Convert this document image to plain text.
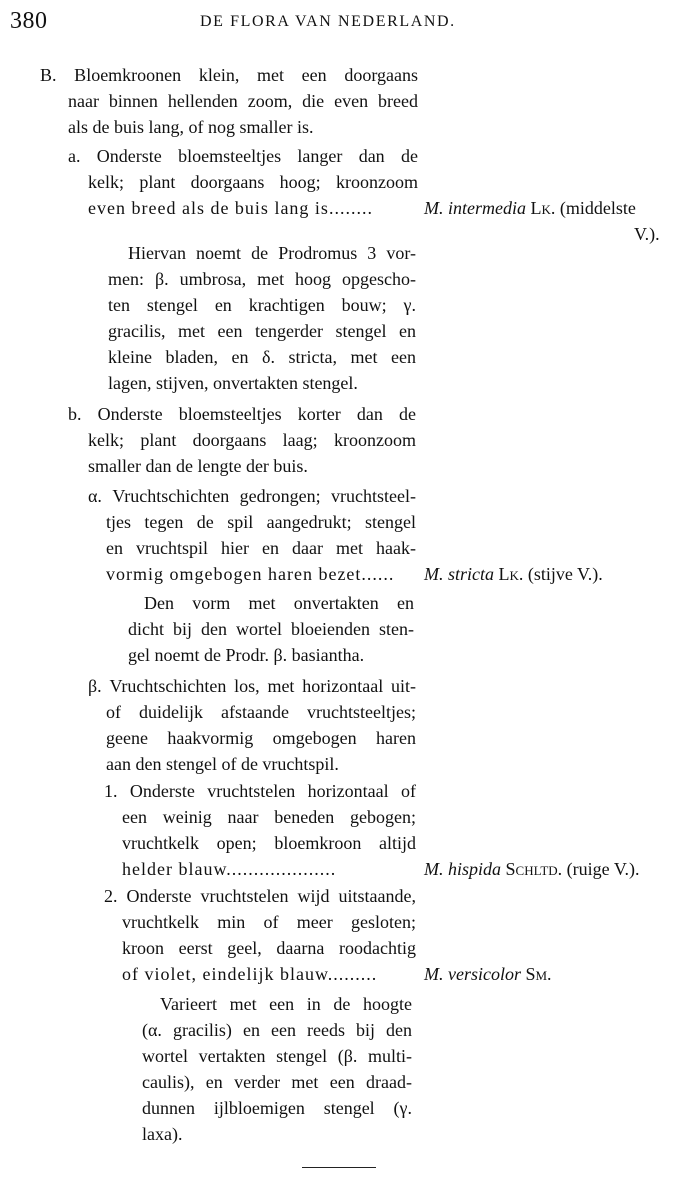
380	DE FLORA VAN NEDERLAND.
B. Bloemkroonen klein, met een doorgaans
naar binnen hellenden zoom, die even breed
als de buis lang, of nog smaller is.
a. Onderste bloemsteeltjes langer dan de
kelk; plant doorgaans hoog; kroonzoom
even breed als de buis lang is........	M. intermedia Lk. (middelste
V.).
Hiervan noemt de Prodromus 3 vor-
men: β. umbrosa, met hoog opgescho-
ten stengel en krachtigen bouw; γ.
gracilis, met een tengerder stengel en
kleine bladen, en δ. stricta, met een
lagen, stijven, onvertakten stengel.
b. Onderste bloemsteeltjes korter dan de
kelk; plant doorgaans laag; kroonzoom
smaller dan de lengte der buis.
α. Vruchtschichten gedrongen; vruchtsteel-
tjes tegen de spil aangedrukt; stengel
en vruchtspil hier en daar met haak-
vormig omgebogen haren bezet...... M. stricta Lk. (stijve V.).
Den vorm met onvertakten en
dicht bij den wortel bloeienden sten-
gel noemt de Prodr. β. basiantha.
β. Vruchtschichten los, met horizontaal uit-
of duidelijk afstaande vruchtsteeltjes;
geene haakvormig omgebogen haren
aan den stengel of de vruchtspil.
1. Onderste vruchtstelen horizontaal of
een weinig naar beneden gebogen;
vruchtkelk open; bloemkroon altijd
helder blauw....................	M. hispida Schltd. (ruige V.).
2. Onderste vruchtstelen wijd uitstaande,
vruchtkelk min of meer gesloten;
kroon eerst geel, daarna roodachtig
of violet, eindelijk blauw.........	M. versicolor Sm.
Varieert met een in de hoogte
(α. gracilis) en een reeds bij den
wortel vertakten stengel (β. multi-
caulis), en verder met een draad-
dunnen ijlbloemigen stengel (γ.
laxa).
